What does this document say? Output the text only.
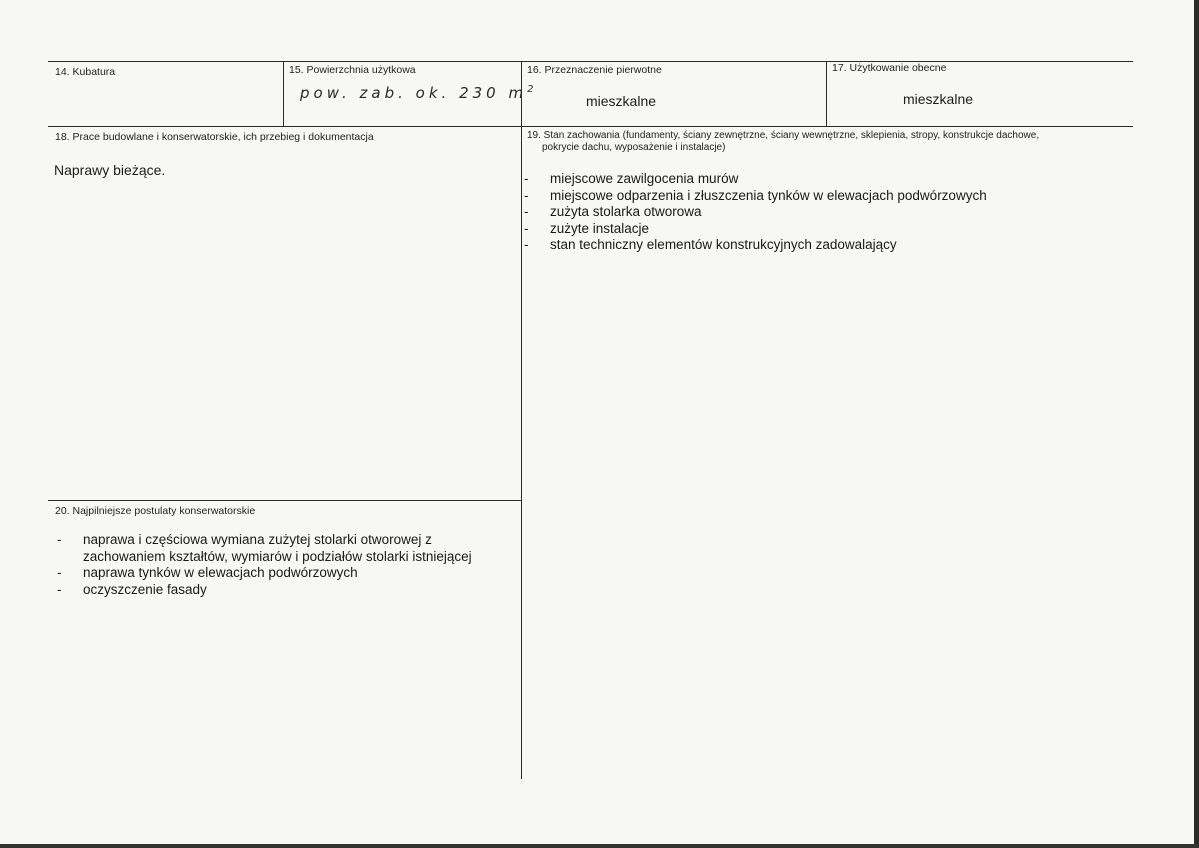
14. Kubatura	15. Powierzchnia użytkowa
pow. zab. ok. 230 $m^2$
16. Przeznaczenie pierwotne
mieszkalne
17. Użytkowanie obecne
mieszkalne
18. Prace budowlane i konserwatorskie, ich przebieg i dokumentacja
Naprawy bieżące.
19. Stan zachowania (fundamenty, ściany zewnętrzne, ściany wewnętrzne, sklepienia, stropy, konstrukcje dachowe,
pokrycie dachu, wyposażenie i instalacje)
- miejscowe zawilgocenia murów
- miejscowe odparzenia i złuszczenia tynków w elewacjach podwórzowych
- zużyta stolarka otworowa
- zużyte instalacje
- stan techniczny elementów konstrukcyjnych zadowalający
20. Najpilniejsze postulaty konserwatorskie
- naprawa i częściowa wymiana zużytej stolarki otworowej z zachowaniem kształtów, wymiarów i podziałów stolarki istniejącej
- naprawa tynków w elewacjach podwórzowych
- oczyszczenie fasady
